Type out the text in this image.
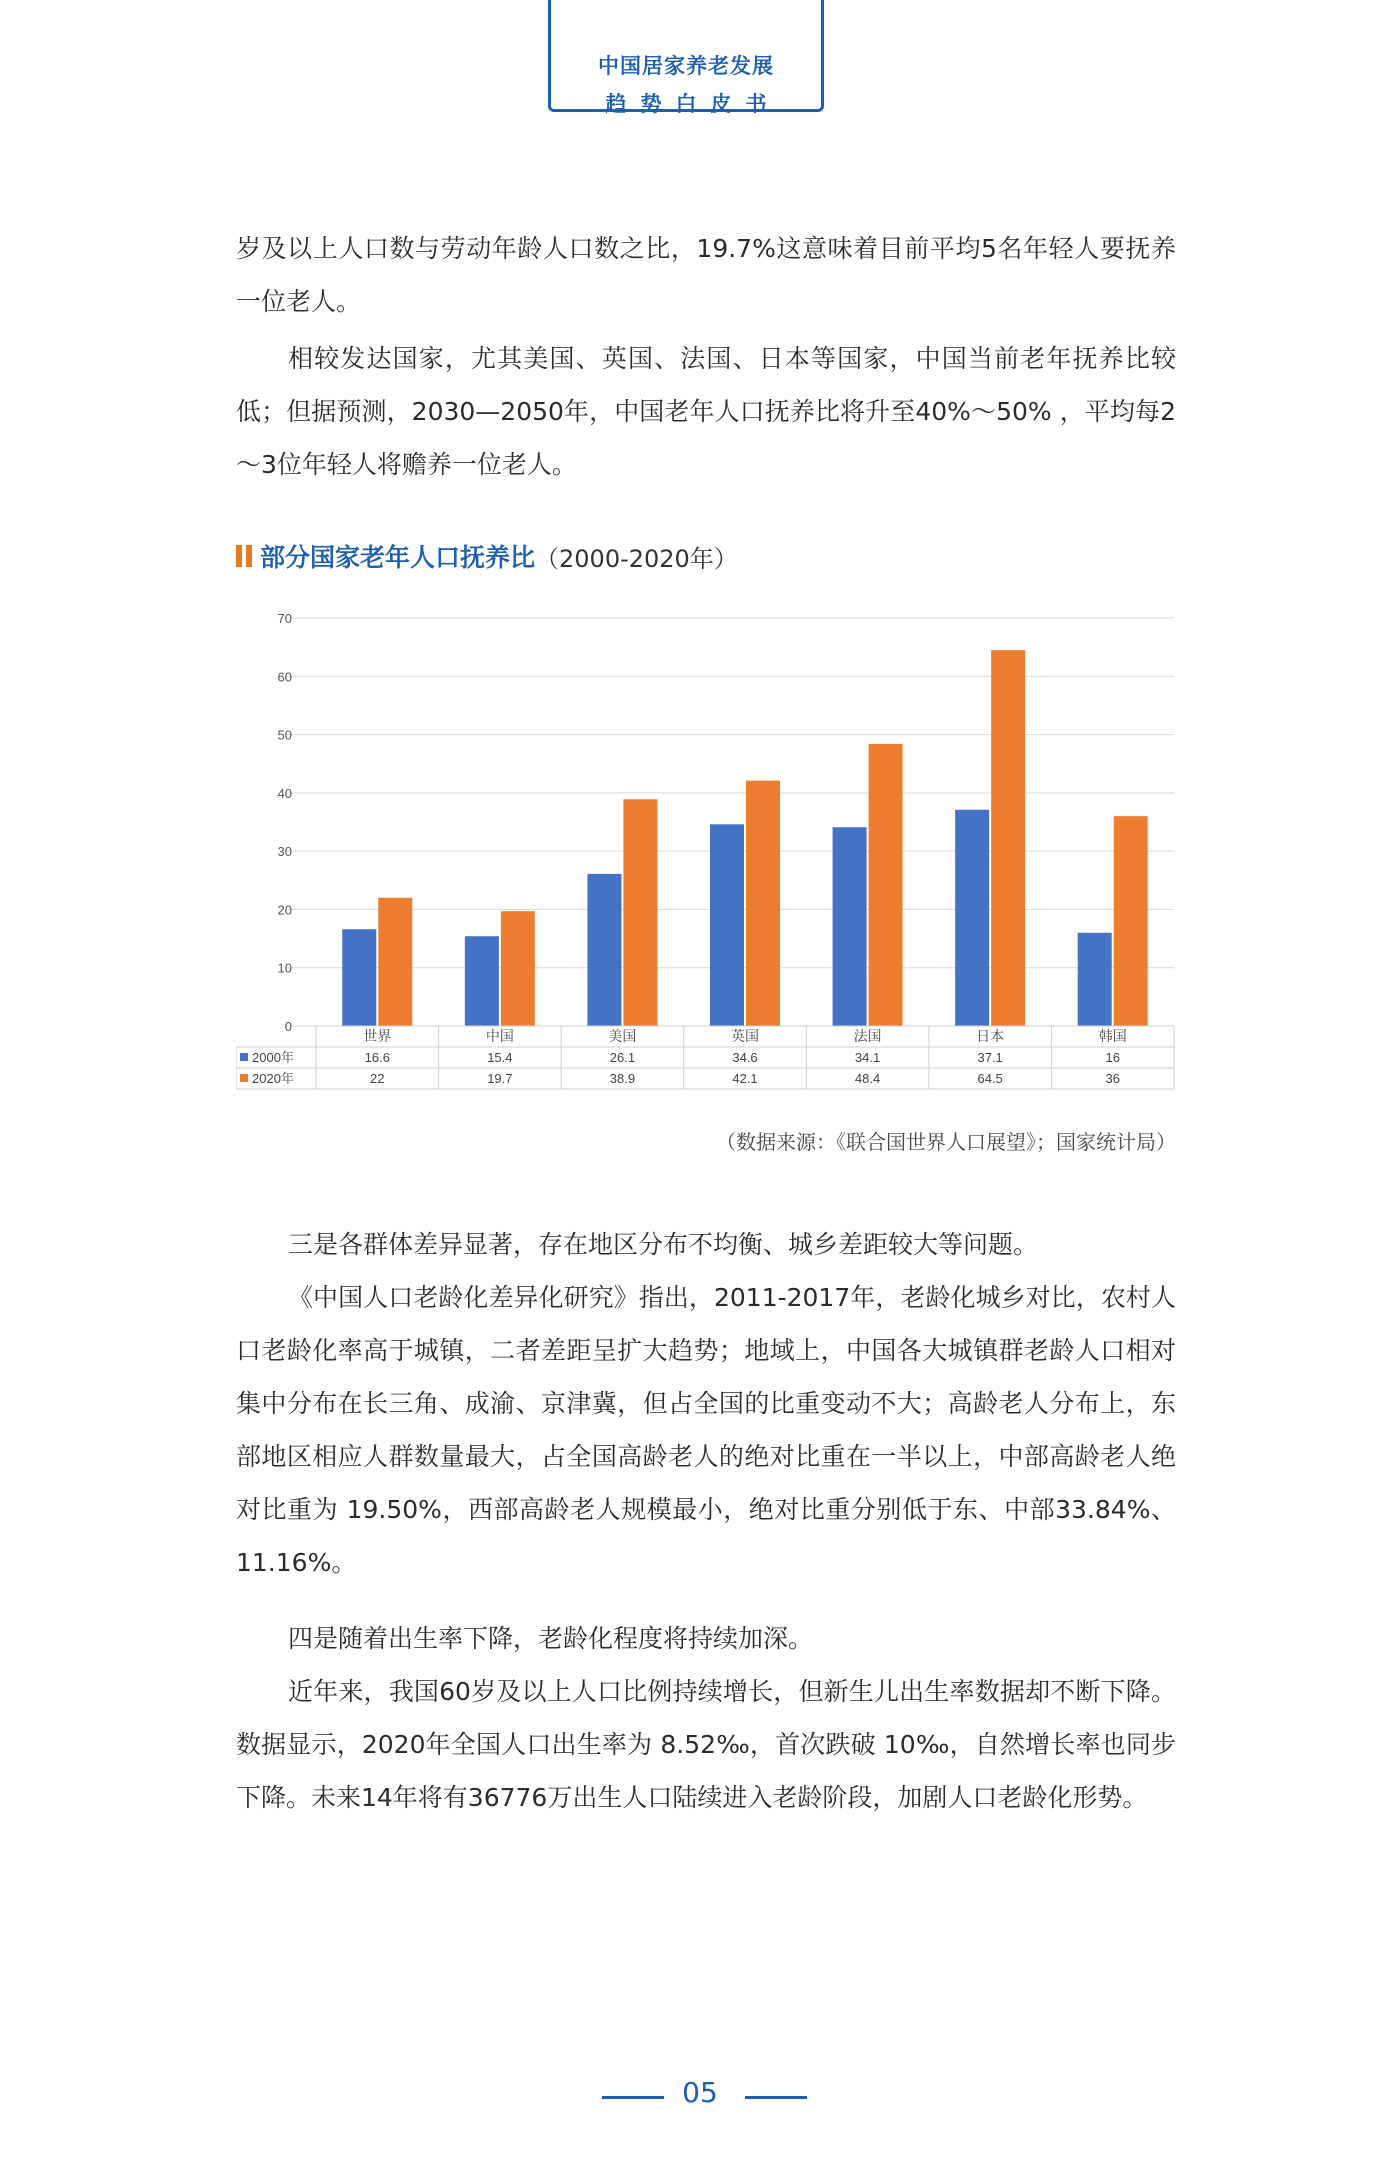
中国居家养老发展
趋势白皮书

岁及以上人口数与劳动年龄人口数之比，19.7%这意味着目前平均5名年轻人要抚养一位老人。

相较发达国家，尤其美国、英国、法国、日本等国家，中国当前老年抚养比较低；但据预测，2030—2050年，中国老年人口抚养比将升至40%～50% ，平均每2～3位年轻人将赡养一位老人。

部分国家老年人口抚养比 （2000-2020年）
0
10
20
30
40
50
60
70
世界	中国	美国	英国	法国	日本	韩国
2000年	16.6	15.4	26.1	34.6	34.1	37.1	16
2020年	22	19.7	38.9	42.1	48.4	64.5	36
（数据来源：《联合国世界人口展望》；国家统计局）

三是各群体差异显著，存在地区分布不均衡、城乡差距较大等问题。

《中国人口老龄化差异化研究》指出，2011-2017年，老龄化城乡对比，农村人口老龄化率高于城镇，二者差距呈扩大趋势；地域上，中国各大城镇群老龄人口相对集中分布在长三角、成渝、京津冀，但占全国的比重变动不大；高龄老人分布上，东部地区相应人群数量最大，占全国高龄老人的绝对比重在一半以上，中部高龄老人绝对比重为 19.50%，西部高龄老人规模最小，绝对比重分别低于东、中部33.84%、11.16%。

四是随着出生率下降，老龄化程度将持续加深。

近年来，我国60岁及以上人口比例持续增长，但新生儿出生率数据却不断下降。数据显示，2020年全国人口出生率为 8.52‰，首次跌破 10‰，自然增长率也同步下降。未来14年将有36776万出生人口陆续进入老龄阶段，加剧人口老龄化形势。

05
